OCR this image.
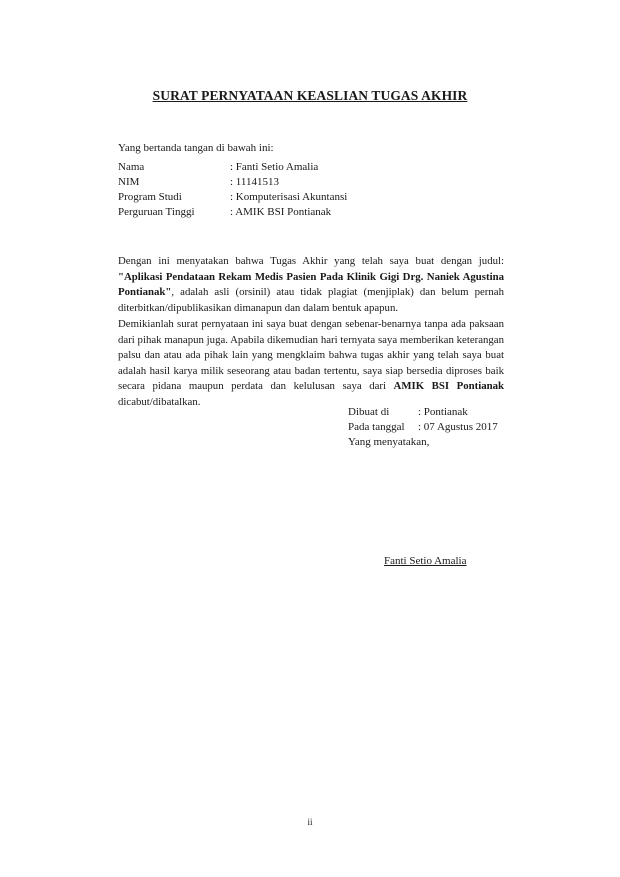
SURAT PERNYATAAN KEASLIAN TUGAS AKHIR
Yang bertanda tangan di bawah ini:
Nama	: Fanti Setio Amalia
NIM	: 11141513
Program Studi	: Komputerisasi Akuntansi
Perguruan Tinggi	: AMIK BSI Pontianak
Dengan ini menyatakan bahwa Tugas Akhir yang telah saya buat dengan judul: "Aplikasi Pendataan Rekam Medis Pasien Pada Klinik Gigi Drg. Naniek Agustina Pontianak", adalah asli (orsinil) atau tidak plagiat (menjiplak) dan belum pernah diterbitkan/dipublikasikan dimanapun dan dalam bentuk apapun.
Demikianlah surat pernyataan ini saya buat dengan sebenar-benarnya tanpa ada paksaan dari pihak manapun juga. Apabila dikemudian hari ternyata saya memberikan keterangan palsu dan atau ada pihak lain yang mengklaim bahwa tugas akhir yang telah saya buat adalah hasil karya milik seseorang atau badan tertentu, saya siap bersedia diproses baik secara pidana maupun perdata dan kelulusan saya dari AMIK BSI Pontianak dicabut/dibatalkan.
Dibuat di	: Pontianak
Pada tanggal	: 07 Agustus 2017
Yang menyatakan,
Fanti Setio Amalia
ii
